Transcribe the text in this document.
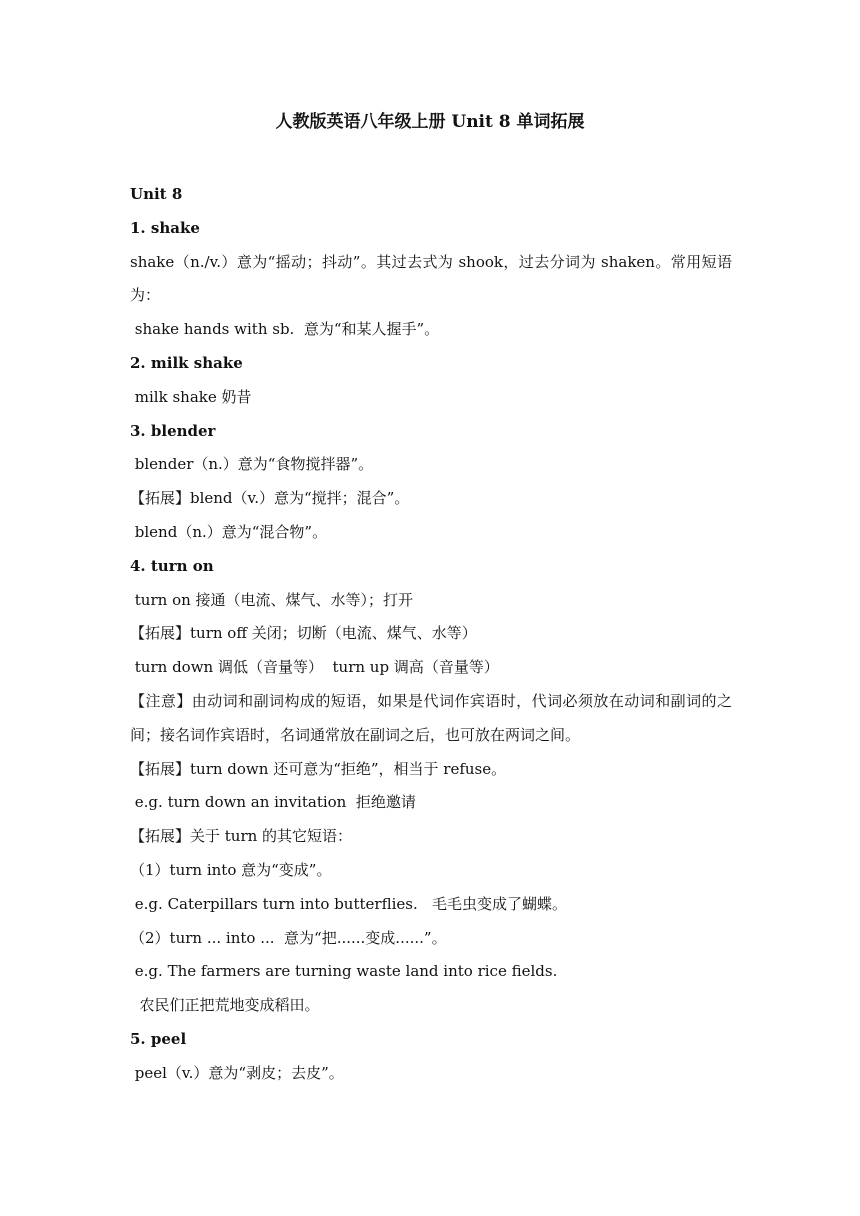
人教版英语八年级上册 Unit 8 单词拓展

Unit 8

1. shake

shake（n./v.）意为“摇动；抖动”。其过去式为 shook，过去分词为 shaken。常用短语为：

shake hands with sb.  意为“和某人握手”。

2. milk shake

milk shake 奶昔

3. blender

blender（n.）意为“食物搅拌器”。

【拓展】blend（v.）意为“搅拌；混合”。

blend（n.）意为“混合物”。

4. turn on

turn on 接通（电流、煤气、水等）；打开

【拓展】turn off 关闭；切断（电流、煤气、水等）

turn down 调低（音量等）  turn up 调高（音量等）

【注意】由动词和副词构成的短语，如果是代词作宾语时，代词必须放在动词和副词的之间；接名词作宾语时，名词通常放在副词之后，也可放在两词之间。

【拓展】turn down 还可意为“拒绝”，相当于 refuse。

e.g. turn down an invitation  拒绝邀请

【拓展】关于 turn 的其它短语：

（1）turn into 意为“变成”。

e.g. Caterpillars turn into butterflies.   毛毛虫变成了蝴蝶。

（2）turn ... into ...  意为“把......变成......”。

e.g. The farmers are turning waste land into rice fields.

农民们正把荒地变成稻田。

5. peel

peel（v.）意为“剥皮；去皮”。
